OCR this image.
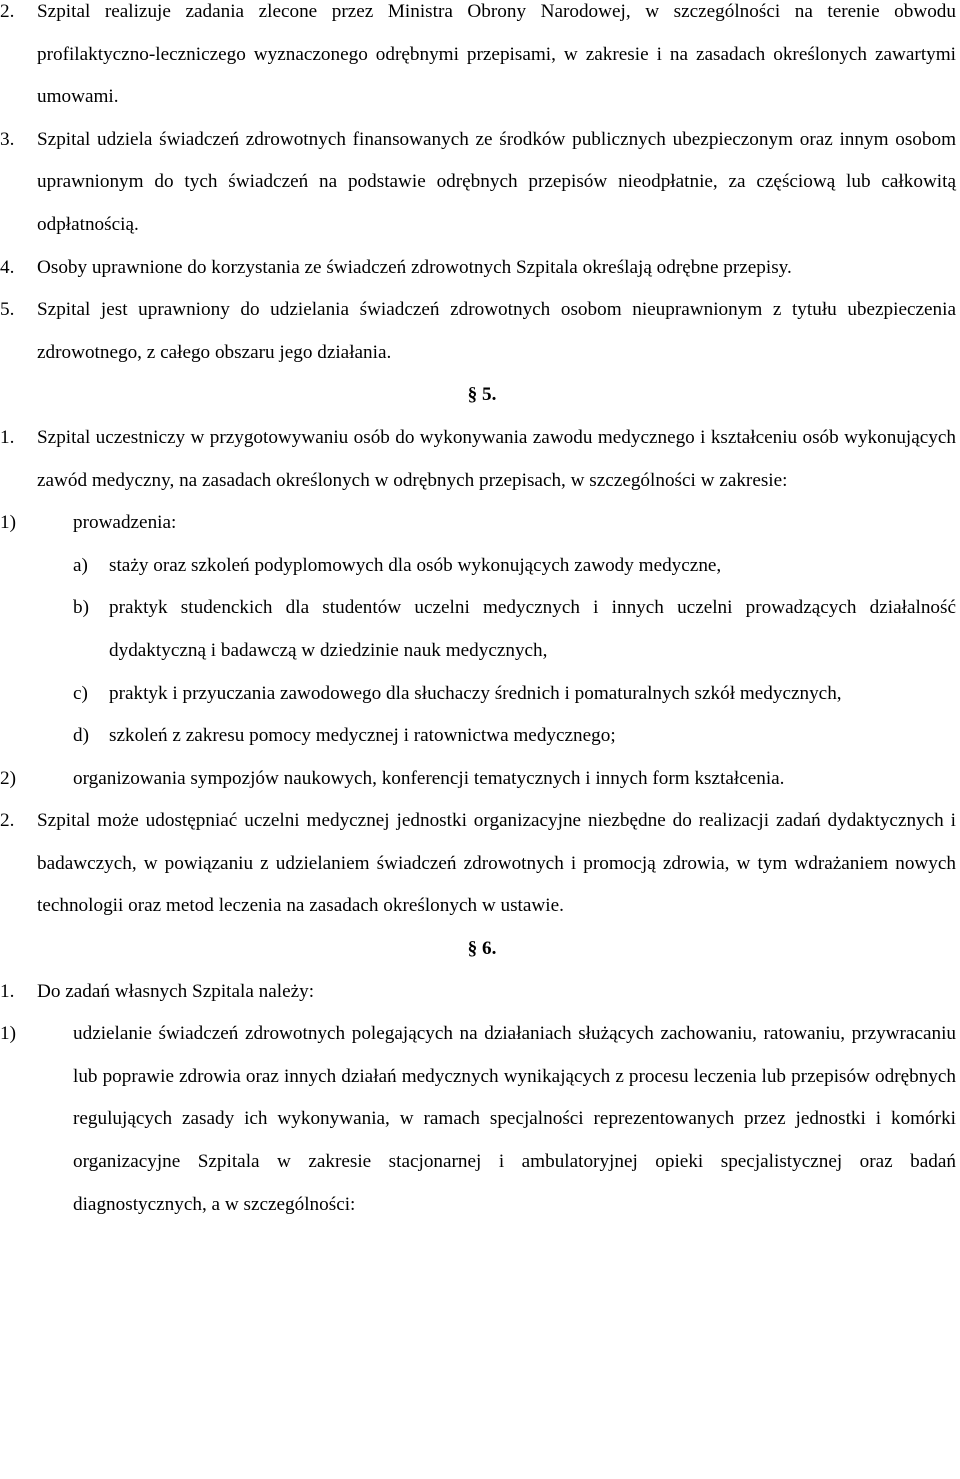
2. Szpital realizuje zadania zlecone przez Ministra Obrony Narodowej, w szczególności na terenie obwodu profilaktyczno-leczniczego wyznaczonego odrębnymi przepisami, w zakresie i na zasadach określonych zawartymi umowami.
3. Szpital udziela świadczeń zdrowotnych finansowanych ze środków publicznych ubezpieczonym oraz innym osobom uprawnionym do tych świadczeń na podstawie odrębnych przepisów nieodpłatnie, za częściową lub całkowitą odpłatnością.
4. Osoby uprawnione do korzystania ze świadczeń zdrowotnych Szpitala określają odrębne przepisy.
5. Szpital jest uprawniony do udzielania świadczeń zdrowotnych osobom nieuprawnionym z tytułu ubezpieczenia zdrowotnego, z całego obszaru jego działania.
§ 5.
1. Szpital uczestniczy w przygotowywaniu osób do wykonywania zawodu medycznego i kształceniu osób wykonujących zawód medyczny, na zasadach określonych w odrębnych przepisach, w szczególności w zakresie:
1)	prowadzenia:
a) staży oraz szkoleń podyplomowych dla osób wykonujących zawody medyczne,
b) praktyk studenckich dla studentów uczelni medycznych i innych uczelni prowadzących działalność dydaktyczną i badawczą w dziedzinie nauk medycznych,
c) praktyk i przyuczania zawodowego dla słuchaczy średnich i pomaturalnych szkół medycznych,
d) szkoleń z zakresu pomocy medycznej i ratownictwa medycznego;
2)	organizowania sympozjów naukowych, konferencji tematycznych i innych form kształcenia.
2. Szpital może udostępniać uczelni medycznej jednostki organizacyjne niezbędne do realizacji zadań dydaktycznych i badawczych, w powiązaniu z udzielaniem świadczeń zdrowotnych i promocją zdrowia, w tym wdrażaniem nowych technologii oraz metod leczenia na zasadach określonych w ustawie.
§ 6.
1. Do zadań własnych Szpitala należy:
1)	udzielanie świadczeń zdrowotnych polegających na działaniach służących zachowaniu, ratowaniu, przywracaniu lub poprawie zdrowia oraz innych działań medycznych wynikających z procesu leczenia lub przepisów odrębnych regulujących zasady ich wykonywania, w ramach specjalności reprezentowanych przez jednostki i komórki organizacyjne Szpitala w zakresie stacjonarnej i ambulatoryjnej opieki specjalistycznej oraz badań diagnostycznych, a w szczególności:
